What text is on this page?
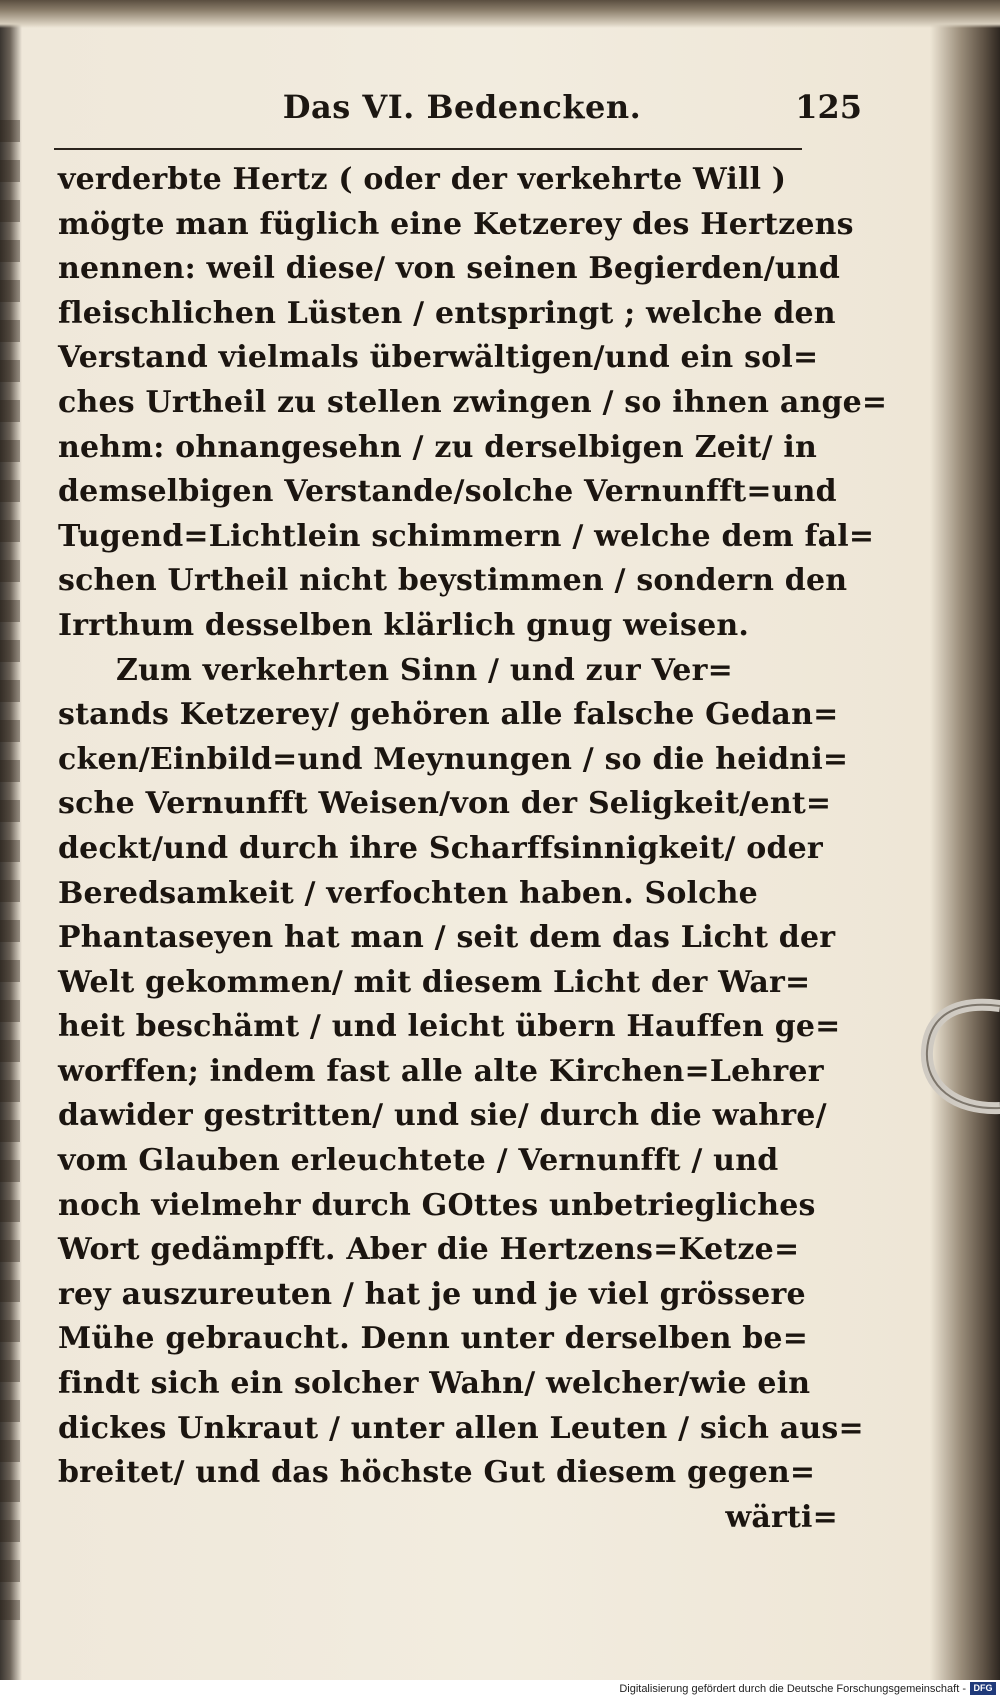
Das VI. Bedencken.	125
verderbte Hertz ( oder der verkehrte Will )
mögte man füglich eine Ketzerey des Hertzens
nennen: weil diese/ von seinen Begierden/und
fleischlichen Lüsten / entspringt ; welche den
Verstand vielmals überwältigen/und ein sol=
ches Urtheil zu stellen zwingen / so ihnen ange=
nehm: ohnangesehn / zu derselbigen Zeit/ in
demselbigen Verstande/solche Vernunfft=und
Tugend=Lichtlein schimmern / welche dem fal=
schen Urtheil nicht beystimmen / sondern den
Irrthum desselben klärlich gnug weisen.
Zum verkehrten Sinn / und zur Ver=
stands Ketzerey/ gehören alle falsche Gedan=
cken/Einbild=und Meynungen / so die heidni=
sche Vernunfft Weisen/von der Seligkeit/ent=
deckt/und durch ihre Scharffsinnigkeit/ oder
Beredsamkeit / verfochten haben. Solche
Phantaseyen hat man / seit dem das Licht der
Welt gekommen/ mit diesem Licht der War=
heit beschämt / und leicht übern Hauffen ge=
worffen; indem fast alle alte Kirchen=Lehrer
dawider gestritten/ und sie/ durch die wahre/
vom Glauben erleuchtete / Vernunfft / und
noch vielmehr durch GOttes unbetriegliches
Wort gedämpfft. Aber die Hertzens=Ketze=
rey auszureuten / hat je und je viel grössere
Mühe gebraucht. Denn unter derselben be=
findt sich ein solcher Wahn/ welcher/wie ein
dickes Unkraut / unter allen Leuten / sich aus=
breitet/ und das höchste Gut diesem gegen=
wärti=
Digitalisierung gefördert durch die Deutsche Forschungsgemeinschaft - DFG
